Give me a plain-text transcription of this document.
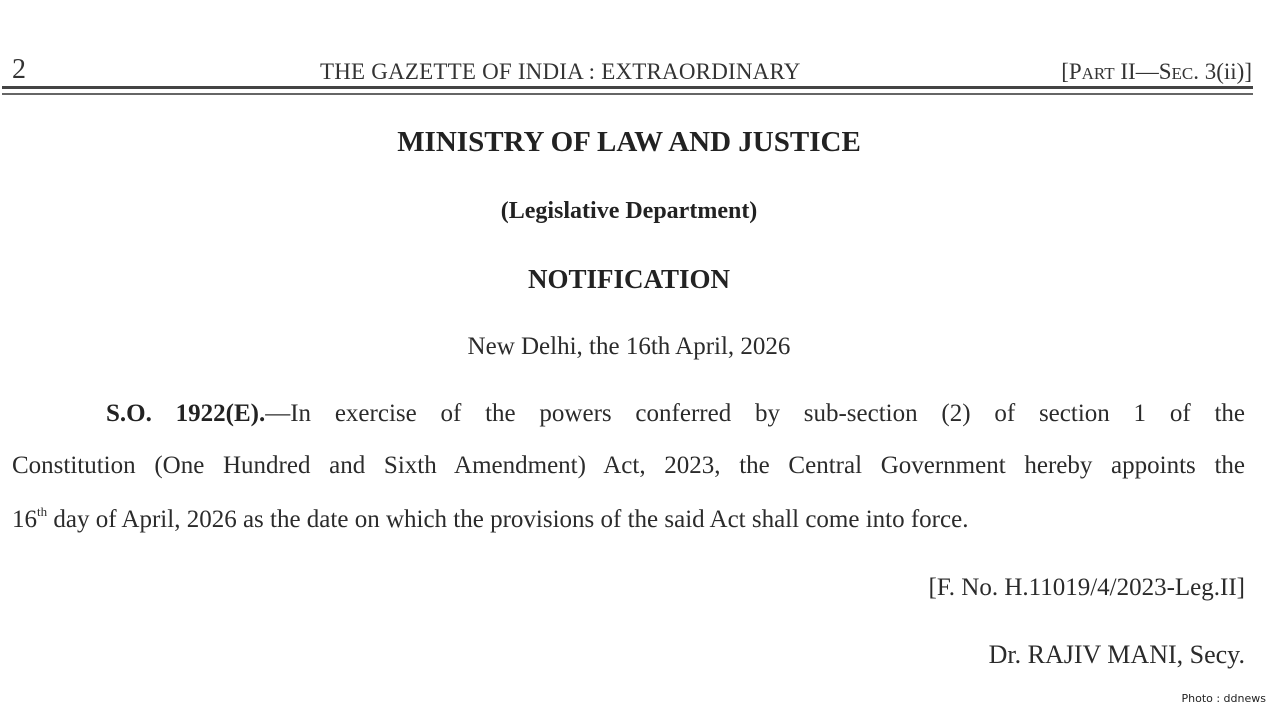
2	THE GAZETTE OF INDIA : EXTRAORDINARY	[PART II—SEC. 3(ii)]
MINISTRY OF LAW AND JUSTICE
(Legislative Department)
NOTIFICATION
New Delhi, the 16th April, 2026
S.O. 1922(E).—In exercise of the powers conferred by sub-section (2) of section 1 of the
Constitution (One Hundred and Sixth Amendment) Act, 2023, the Central Government hereby appoints the
16th day of April, 2026 as the date on which the provisions of the said Act shall come into force.
[F. No. H.11019/4/2023-Leg.II]
Dr. RAJIV MANI, Secy.
Photo : ddnews
